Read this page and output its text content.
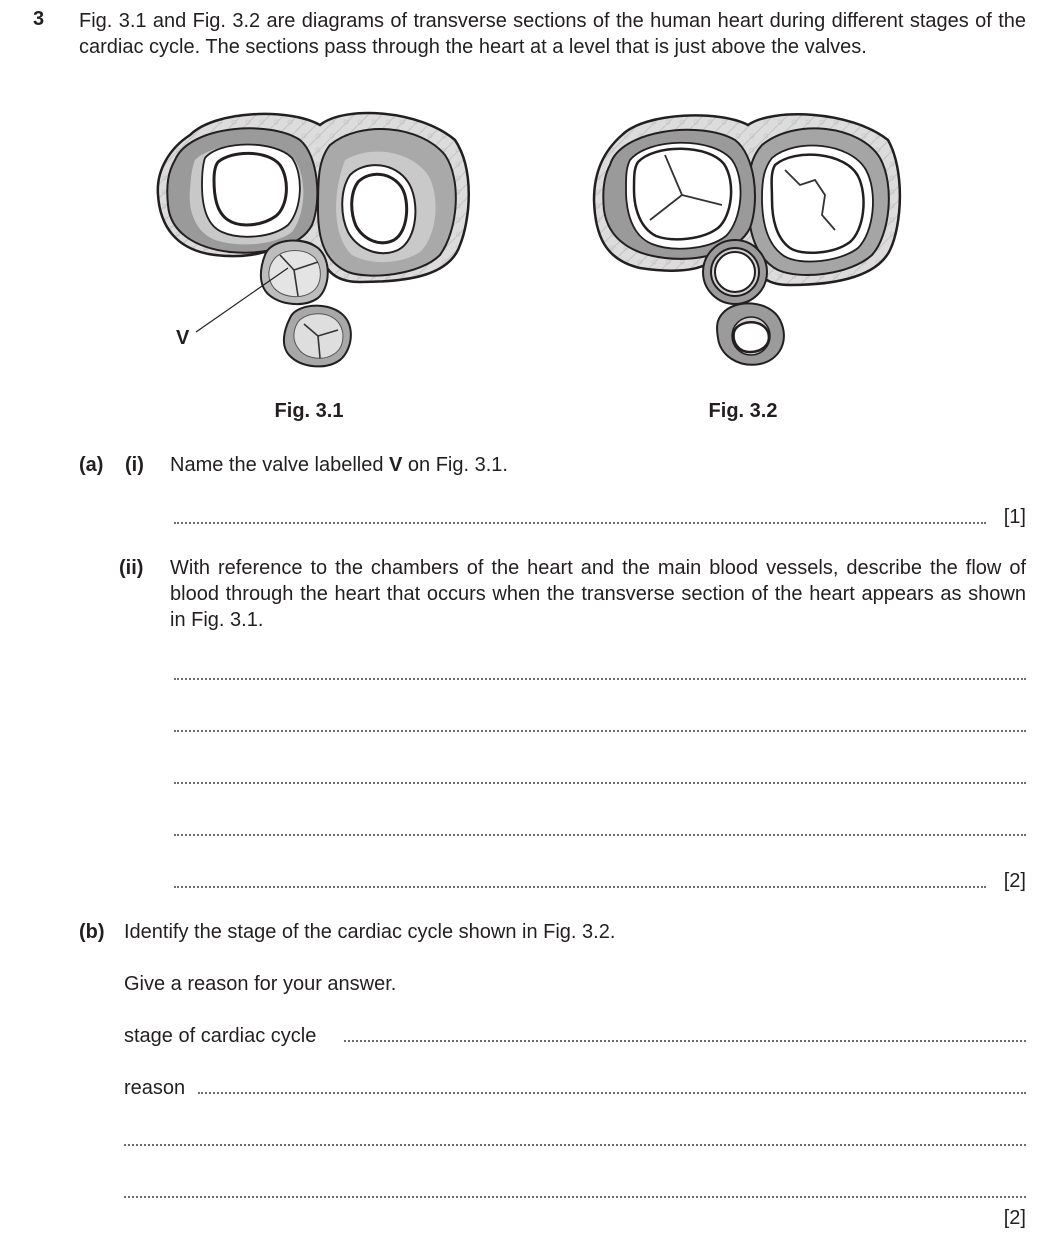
3 Fig. 3.1 and Fig. 3.2 are diagrams of transverse sections of the human heart during different stages of the cardiac cycle. The sections pass through the heart at a level that is just above the valves.
V
Fig. 3.1	Fig. 3.2
(a) (i) Name the valve labelled V on Fig. 3.1.
[1]
(ii) With reference to the chambers of the heart and the main blood vessels, describe the flow of blood through the heart that occurs when the transverse section of the heart appears as shown in Fig. 3.1.
[2]
(b) Identify the stage of the cardiac cycle shown in Fig. 3.2.
Give a reason for your answer.
stage of cardiac cycle
reason
[2]
